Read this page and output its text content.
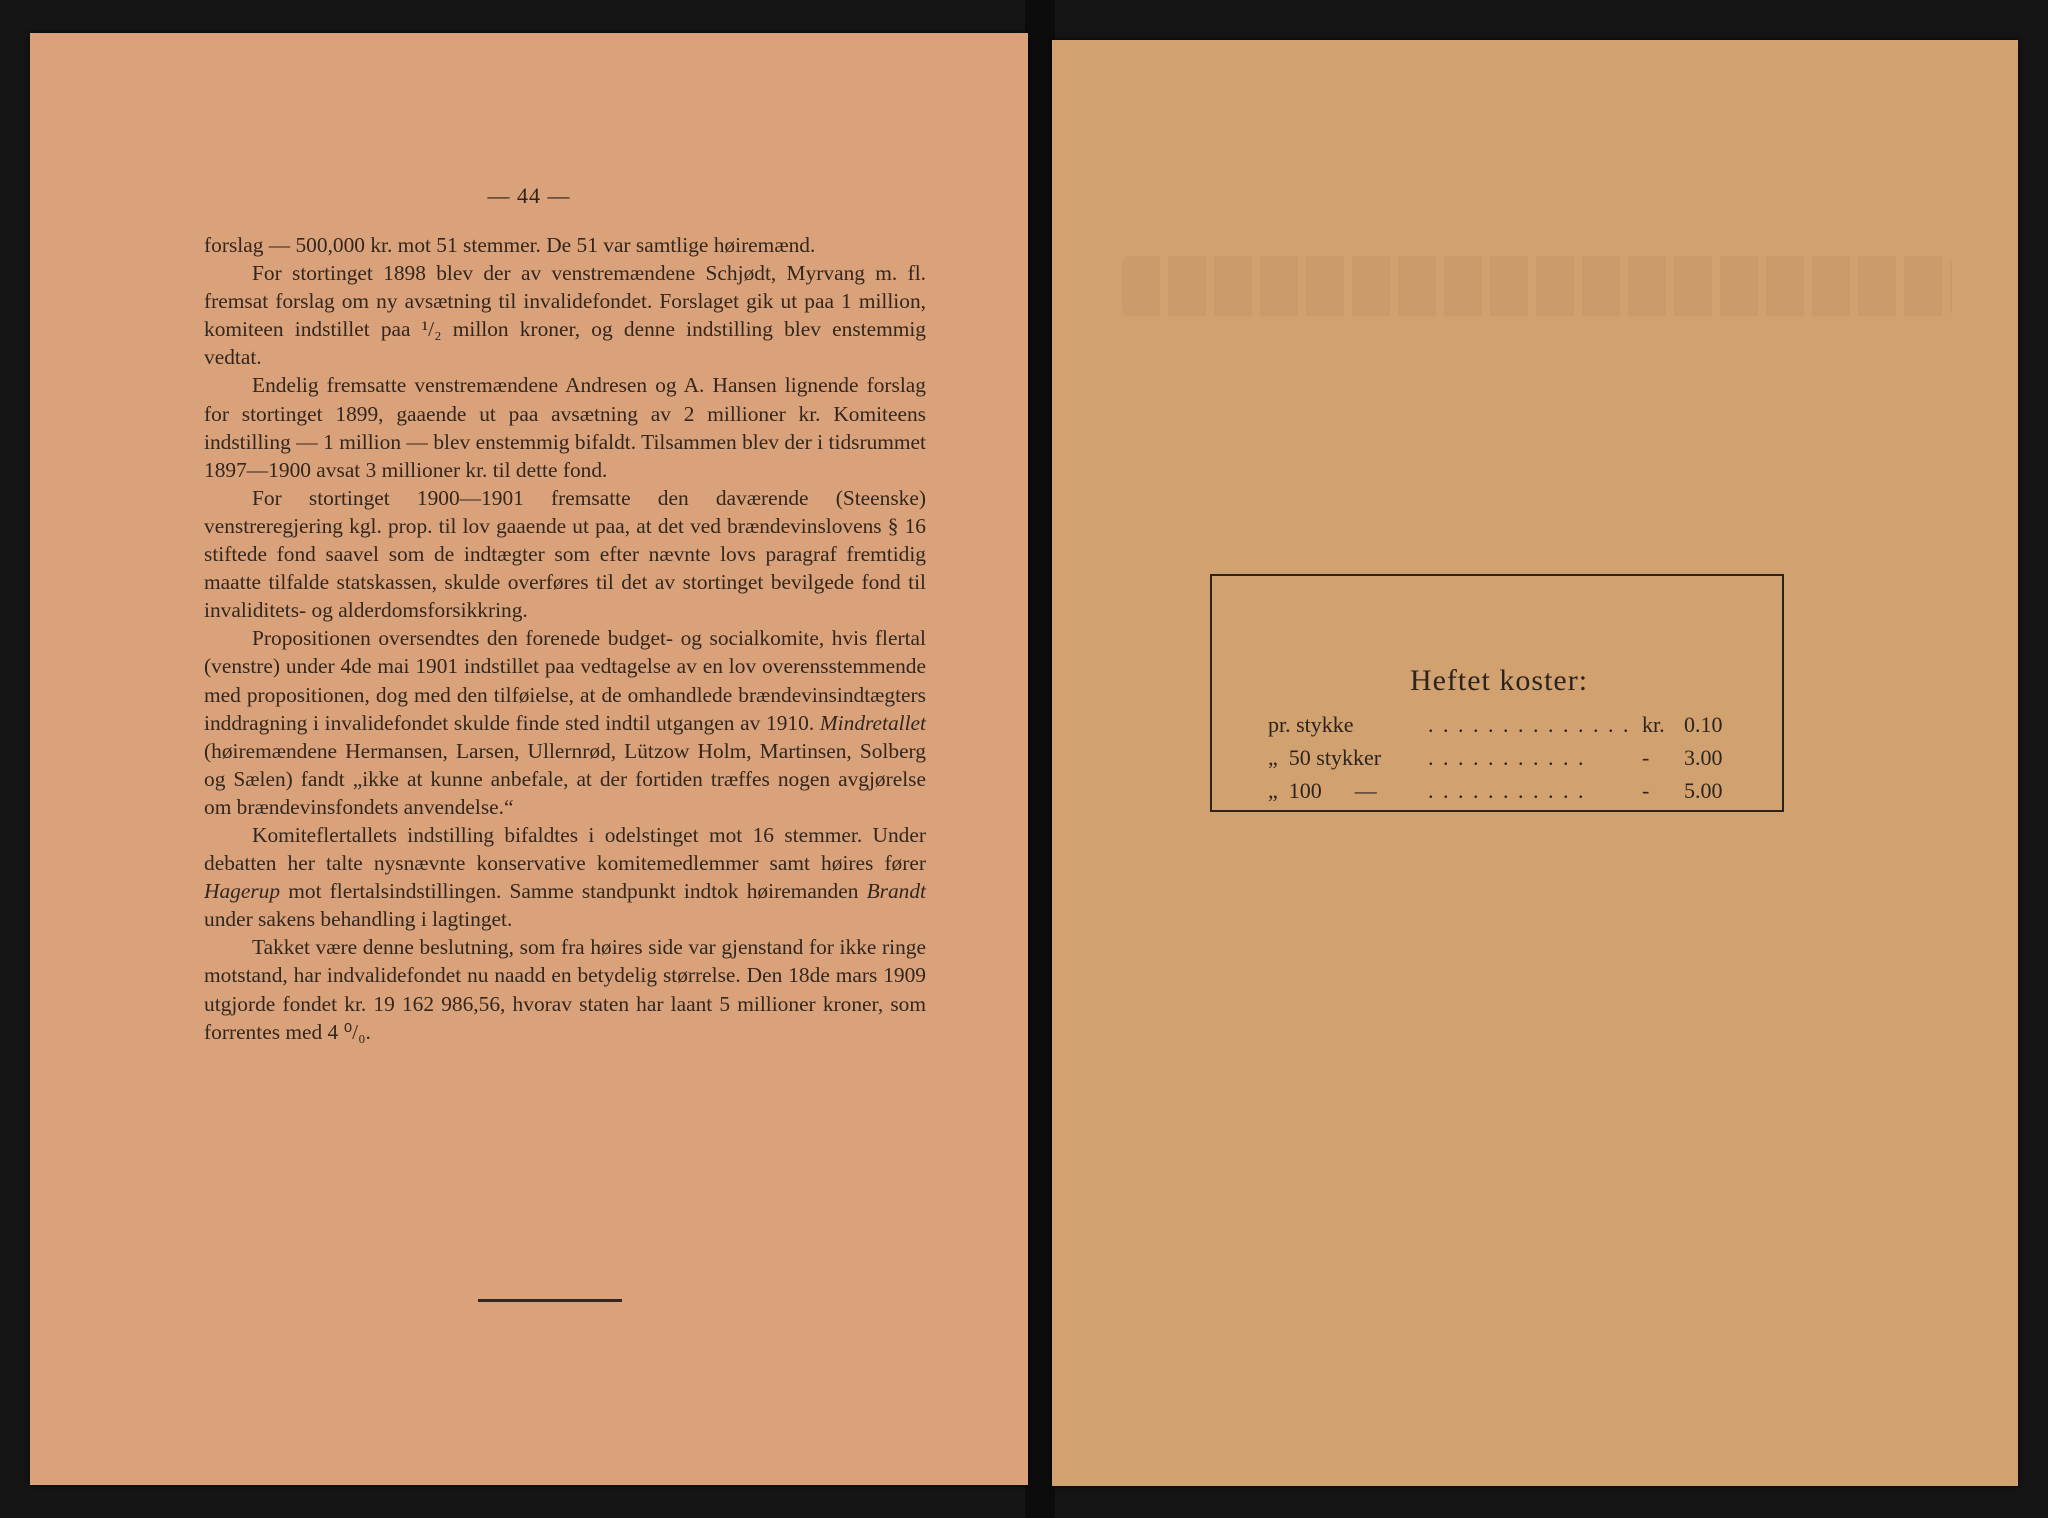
— 44 —

forslag — 500,000 kr. mot 51 stemmer. De 51 var samtlige høiremænd.

For stortinget 1898 blev der av venstremændene Schjødt, Myrvang m. fl. fremsat forslag om ny avsætning til invalidefondet. Forslaget gik ut paa 1 million, komiteen indstillet paa ¹/₂ millon kroner, og denne indstilling blev enstemmig vedtat.

Endelig fremsatte venstremændene Andresen og A. Hansen lignende forslag for stortinget 1899, gaaende ut paa avsætning av 2 millioner kr. Komiteens indstilling — 1 million — blev enstemmig bifaldt. Tilsammen blev der i tidsrummet 1897—1900 avsat 3 millioner kr. til dette fond.

For stortinget 1900—1901 fremsatte den daværende (Steenske) venstreregjering kgl. prop. til lov gaaende ut paa, at det ved brændevinslovens § 16 stiftede fond saavel som de indtægter som efter nævnte lovs paragraf fremtidig maatte tilfalde statskassen, skulde overføres til det av stortinget bevilgede fond til invaliditets- og alderdomsforsikkring.

Propositionen oversendtes den forenede budget- og socialkomite, hvis flertal (venstre) under 4de mai 1901 indstillet paa vedtagelse av en lov overensstemmende med propositionen, dog med den tilføielse, at de omhandlede brændevinsindtægters inddragning i invalidefondet skulde finde sted indtil utgangen av 1910. Mindretallet (høiremændene Hermansen, Larsen, Ullernrød, Lützow Holm, Martinsen, Solberg og Sælen) fandt „ikke at kunne anbefale, at der fortiden træffes nogen avgjørelse om brændevinsfondets anvendelse.“

Komiteflertallets indstilling bifaldtes i odelstinget mot 16 stemmer. Under debatten her talte nysnævnte konservative komitemedlemmer samt høires fører Hagerup mot flertalsindstillingen. Samme standpunkt indtok høiremanden Brandt under sakens behandling i lagtinget.

Takket være denne beslutning, som fra høires side var gjenstand for ikke ringe motstand, har indvalidefondet nu naadd en betydelig størrelse. Den 18de mars 1909 utgjorde fondet kr. 19 162 986,56, hvorav staten har laant 5 millioner kroner, som forrentes med 4 ⁰/₀.

Heftet koster:
pr. stykke	. . . . . . . . . . . . . . kr. 0.10
„  50 stykker . . . . . . . . . . .	- 3.00
„  100      — . . . . . . . . . . .	- 5.00
